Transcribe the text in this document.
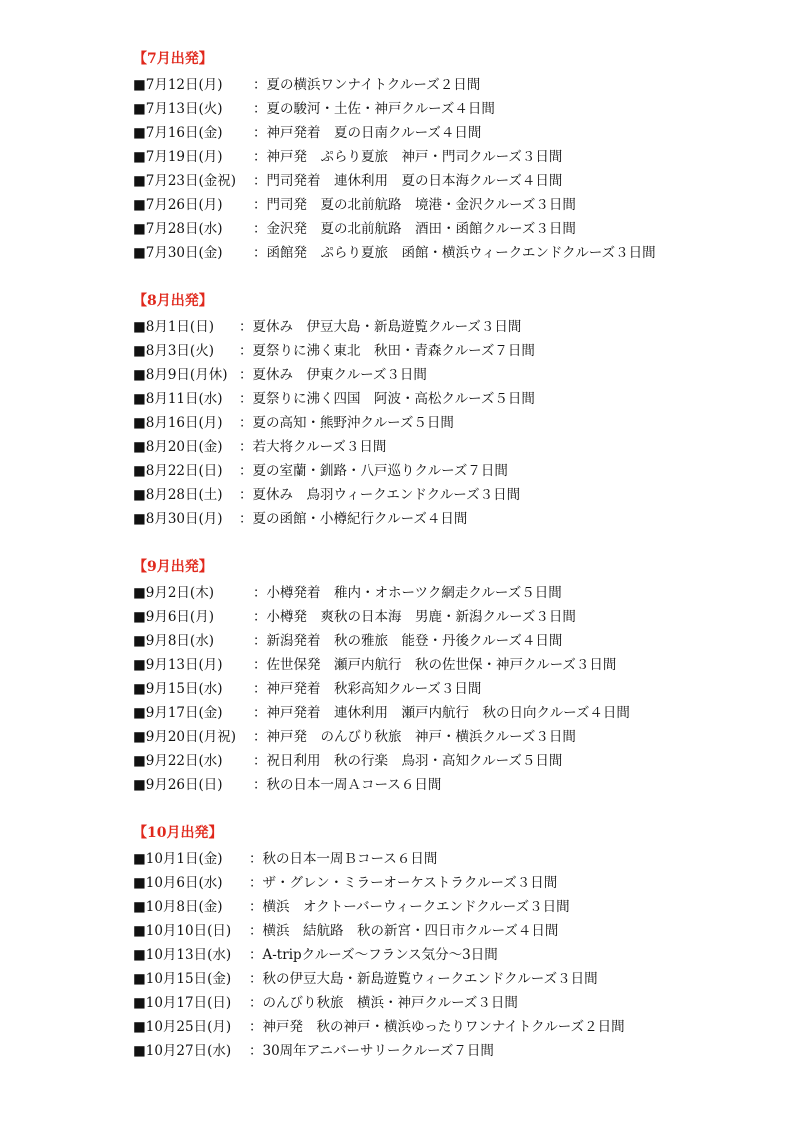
【7月出発】
■7月12日(月) ：夏の横浜ワンナイトクルーズ２日間
■7月13日(火) ：夏の駿河・土佐・神戸クルーズ４日間
■7月16日(金) ：神戸発着　夏の日南クルーズ４日間
■7月19日(月) ：神戸発　ぷらり夏旅　神戸・門司クルーズ３日間
■7月23日(金祝) ：門司発着　連休利用　夏の日本海クルーズ４日間
■7月26日(月) ：門司発　夏の北前航路　境港・金沢クルーズ３日間
■7月28日(水) ：金沢発　夏の北前航路　酒田・函館クルーズ３日間
■7月30日(金) ：函館発　ぷらり夏旅　函館・横浜ウィークエンドクルーズ３日間
【8月出発】
■8月1日(日) ：夏休み　伊豆大島・新島遊覧クルーズ３日間
■8月3日(火) ：夏祭りに沸く東北　秋田・青森クルーズ７日間
■8月9日(月休) ：夏休み　伊東クルーズ３日間
■8月11日(水) ：夏祭りに沸く四国　阿波・高松クルーズ５日間
■8月16日(月) ：夏の高知・熊野沖クルーズ５日間
■8月20日(金) ：若大将クルーズ３日間
■8月22日(日) ：夏の室蘭・釧路・八戸巡りクルーズ７日間
■8月28日(土) ：夏休み　鳥羽ウィークエンドクルーズ３日間
■8月30日(月) ：夏の函館・小樽紀行クルーズ４日間
【9月出発】
■9月2日(木)	：小樽発着　稚内・オホーツク網走クルーズ５日間
■9月6日(月)	：小樽発　爽秋の日本海　男鹿・新潟クルーズ３日間
■9月8日(水)	：新潟発着　秋の雅旅　能登・丹後クルーズ４日間
■9月13日(月) ：佐世保発　瀬戸内航行　秋の佐世保・神戸クルーズ３日間
■9月15日(水) ：神戸発着　秋彩高知クルーズ３日間
■9月17日(金) ：神戸発着　連休利用　瀬戸内航行　秋の日向クルーズ４日間
■9月20日(月祝) ：神戸発　のんびり秋旅　神戸・横浜クルーズ３日間
■9月22日(水) ：祝日利用　秋の行楽　鳥羽・高知クルーズ５日間
■9月26日(日) ：秋の日本一周Ａコース６日間
【10月出発】
■10月1日(金) ：秋の日本一周Ｂコース６日間
■10月6日(水) ：ザ・グレン・ミラーオーケストラクルーズ３日間
■10月8日(金) ：横浜　オクトーバーウィークエンドクルーズ３日間
■10月10日(日) ：横浜　結航路　秋の新宮・四日市クルーズ４日間
■10月13日(水) ：A-tripクルーズ～フランス気分～3日間
■10月15日(金) ：秋の伊豆大島・新島遊覧ウィークエンドクルーズ３日間
■10月17日(日) ：のんびり秋旅　横浜・神戸クルーズ３日間
■10月25日(月) ：神戸発　秋の神戸・横浜ゆったりワンナイトクルーズ２日間
■10月27日(水) ：30周年アニバーサリークルーズ７日間
